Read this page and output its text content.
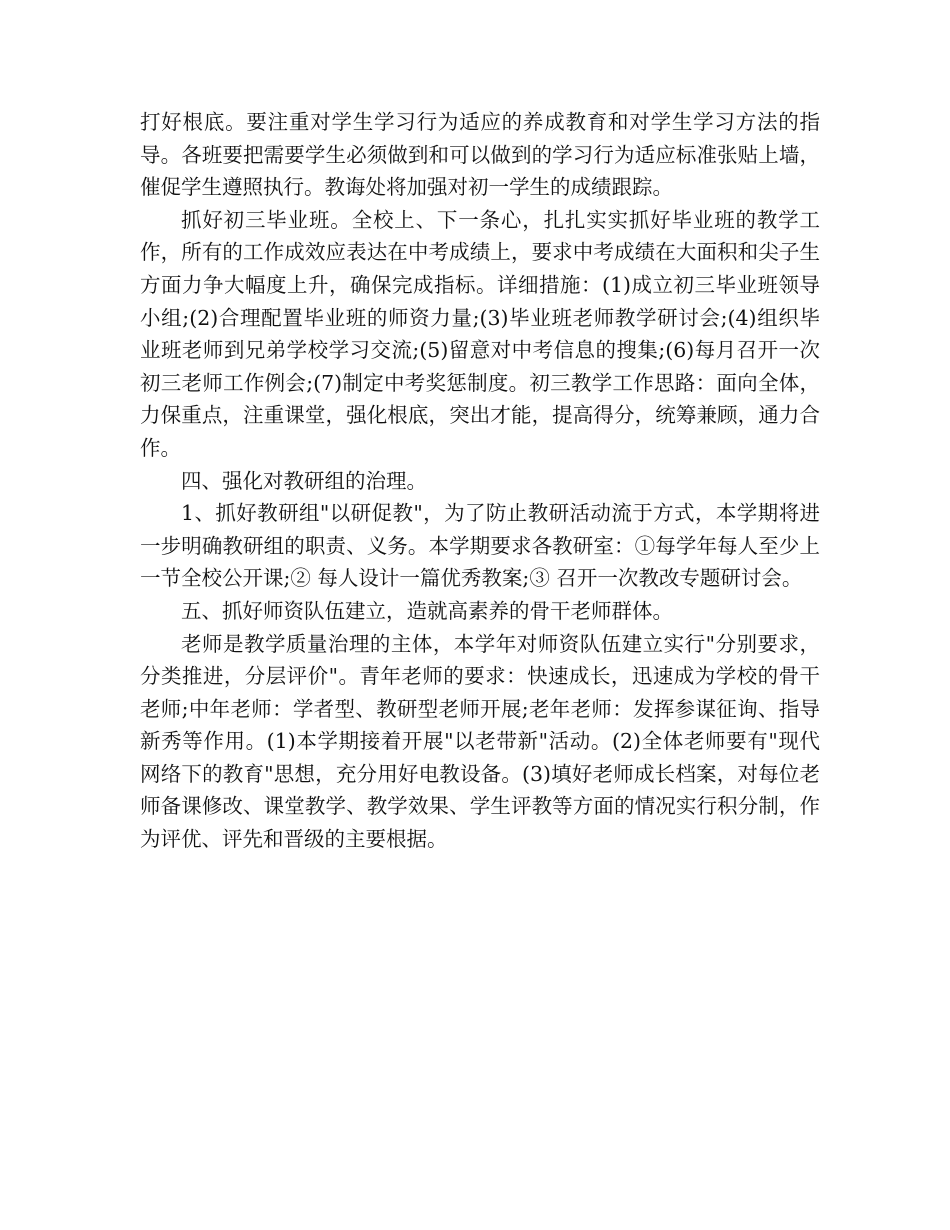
打好根底。要注重对学生学习行为适应的养成教育和对学生学习方法的指导。各班要把需要学生必须做到和可以做到的学习行为适应标准张贴上墙，催促学生遵照执行。教诲处将加强对初一学生的成绩跟踪。

抓好初三毕业班。全校上、下一条心，扎扎实实抓好毕业班的教学工作，所有的工作成效应表达在中考成绩上，要求中考成绩在大面积和尖子生方面力争大幅度上升，确保完成指标。详细措施：(1)成立初三毕业班领导小组;(2)合理配置毕业班的师资力量;(3)毕业班老师教学研讨会;(4)组织毕业班老师到兄弟学校学习交流;(5)留意对中考信息的搜集;(6)每月召开一次初三老师工作例会;(7)制定中考奖惩制度。初三教学工作思路：面向全体，力保重点，注重课堂，强化根底，突出才能，提高得分，统筹兼顾，通力合作。

四、强化对教研组的治理。

1、抓好教研组"以研促教"，为了防止教研活动流于方式，本学期将进一步明确教研组的职责、义务。本学期要求各教研室：①每学年每人至少上一节全校公开课;② 每人设计一篇优秀教案;③ 召开一次教改专题研讨会。

五、抓好师资队伍建立，造就高素养的骨干老师群体。

老师是教学质量治理的主体，本学年对师资队伍建立实行"分别要求，分类推进，分层评价"。青年老师的要求：快速成长，迅速成为学校的骨干老师;中年老师：学者型、教研型老师开展;老年老师：发挥参谋征询、指导新秀等作用。(1)本学期接着开展"以老带新"活动。(2)全体老师要有"现代网络下的教育"思想，充分用好电教设备。(3)填好老师成长档案，对每位老师备课修改、课堂教学、教学效果、学生评教等方面的情况实行积分制，作为评优、评先和晋级的主要根据。
